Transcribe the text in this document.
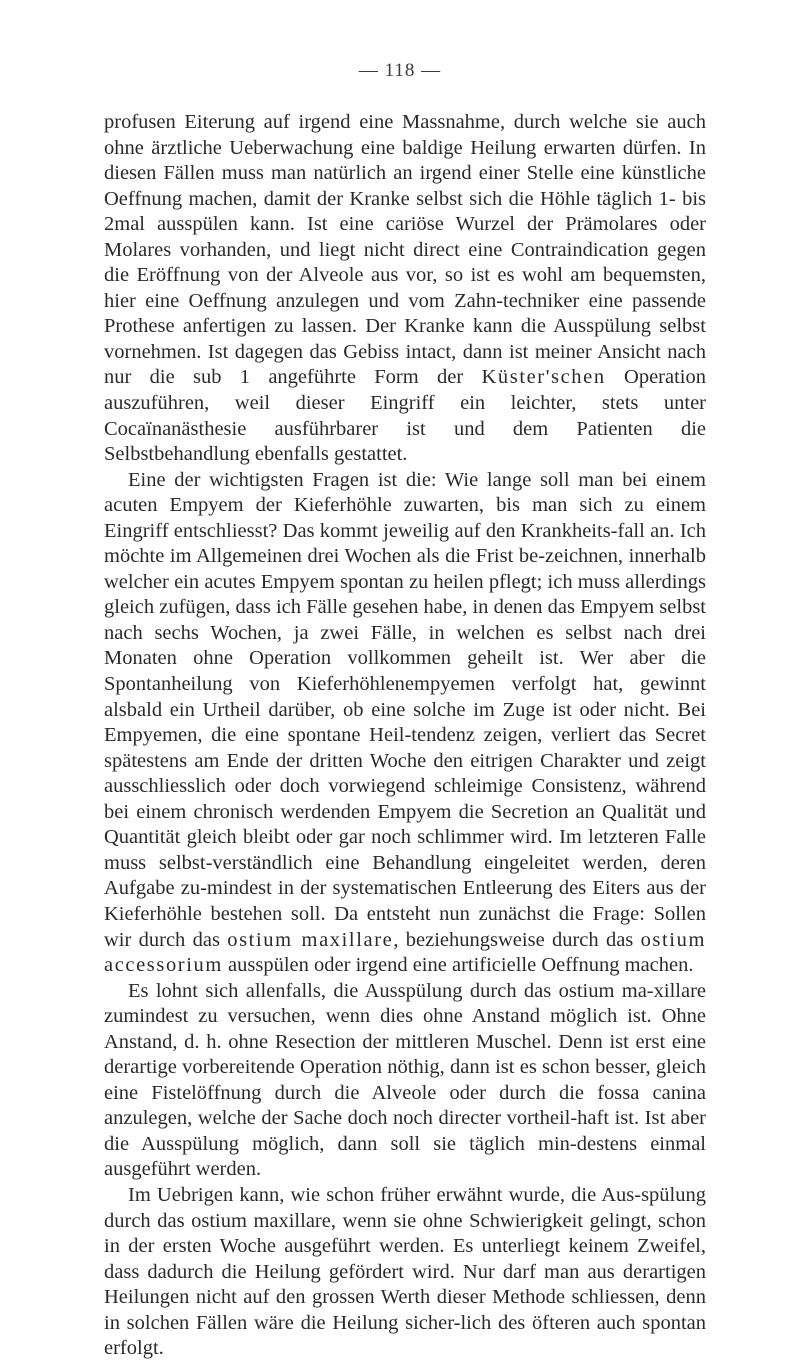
— 118 —

profusen Eiterung auf irgend eine Massnahme, durch welche sie auch ohne ärztliche Ueberwachung eine baldige Heilung erwarten dürfen. In diesen Fällen muss man natürlich an irgend einer Stelle eine künstliche Oeffnung machen, damit der Kranke selbst sich die Höhle täglich 1- bis 2mal ausspülen kann. Ist eine cariöse Wurzel der Prämolares oder Molares vorhanden, und liegt nicht direct eine Contraindication gegen die Eröffnung von der Alveole aus vor, so ist es wohl am bequemsten, hier eine Oeffnung anzulegen und vom Zahn-techniker eine passende Prothese anfertigen zu lassen. Der Kranke kann die Ausspülung selbst vornehmen. Ist dagegen das Gebiss intact, dann ist meiner Ansicht nach nur die sub 1 angeführte Form der Küster'schen Operation auszuführen, weil dieser Eingriff ein leichter, stets unter Cocaïnanästhesie ausführbarer ist und dem Patienten die Selbstbehandlung ebenfalls gestattet.

Eine der wichtigsten Fragen ist die: Wie lange soll man bei einem acuten Empyem der Kieferhöhle zuwarten, bis man sich zu einem Eingriff entschliesst? Das kommt jeweilig auf den Krankheits-fall an. Ich möchte im Allgemeinen drei Wochen als die Frist be-zeichnen, innerhalb welcher ein acutes Empyem spontan zu heilen pflegt; ich muss allerdings gleich zufügen, dass ich Fälle gesehen habe, in denen das Empyem selbst nach sechs Wochen, ja zwei Fälle, in welchen es selbst nach drei Monaten ohne Operation vollkommen geheilt ist. Wer aber die Spontanheilung von Kieferhöhlenempyemen verfolgt hat, gewinnt alsbald ein Urtheil darüber, ob eine solche im Zuge ist oder nicht. Bei Empyemen, die eine spontane Heil-tendenz zeigen, verliert das Secret spätestens am Ende der dritten Woche den eitrigen Charakter und zeigt ausschliesslich oder doch vorwiegend schleimige Consistenz, während bei einem chronisch werdenden Empyem die Secretion an Qualität und Quantität gleich bleibt oder gar noch schlimmer wird. Im letzteren Falle muss selbst-verständlich eine Behandlung eingeleitet werden, deren Aufgabe zu-mindest in der systematischen Entleerung des Eiters aus der Kieferhöhle bestehen soll. Da entsteht nun zunächst die Frage: Sollen wir durch das ostium maxillare, beziehungsweise durch das ostium accessorium ausspülen oder irgend eine artificielle Oeffnung machen.

Es lohnt sich allenfalls, die Ausspülung durch das ostium ma-xillare zumindest zu versuchen, wenn dies ohne Anstand möglich ist. Ohne Anstand, d. h. ohne Resection der mittleren Muschel. Denn ist erst eine derartige vorbereitende Operation nöthig, dann ist es schon besser, gleich eine Fistelöffnung durch die Alveole oder durch die fossa canina anzulegen, welche der Sache doch noch directer vortheil-haft ist. Ist aber die Ausspülung möglich, dann soll sie täglich min-destens einmal ausgeführt werden.

Im Uebrigen kann, wie schon früher erwähnt wurde, die Aus-spülung durch das ostium maxillare, wenn sie ohne Schwierigkeit gelingt, schon in der ersten Woche ausgeführt werden. Es unterliegt keinem Zweifel, dass dadurch die Heilung gefördert wird. Nur darf man aus derartigen Heilungen nicht auf den grossen Werth dieser Methode schliessen, denn in solchen Fällen wäre die Heilung sicher-lich des öfteren auch spontan erfolgt.
